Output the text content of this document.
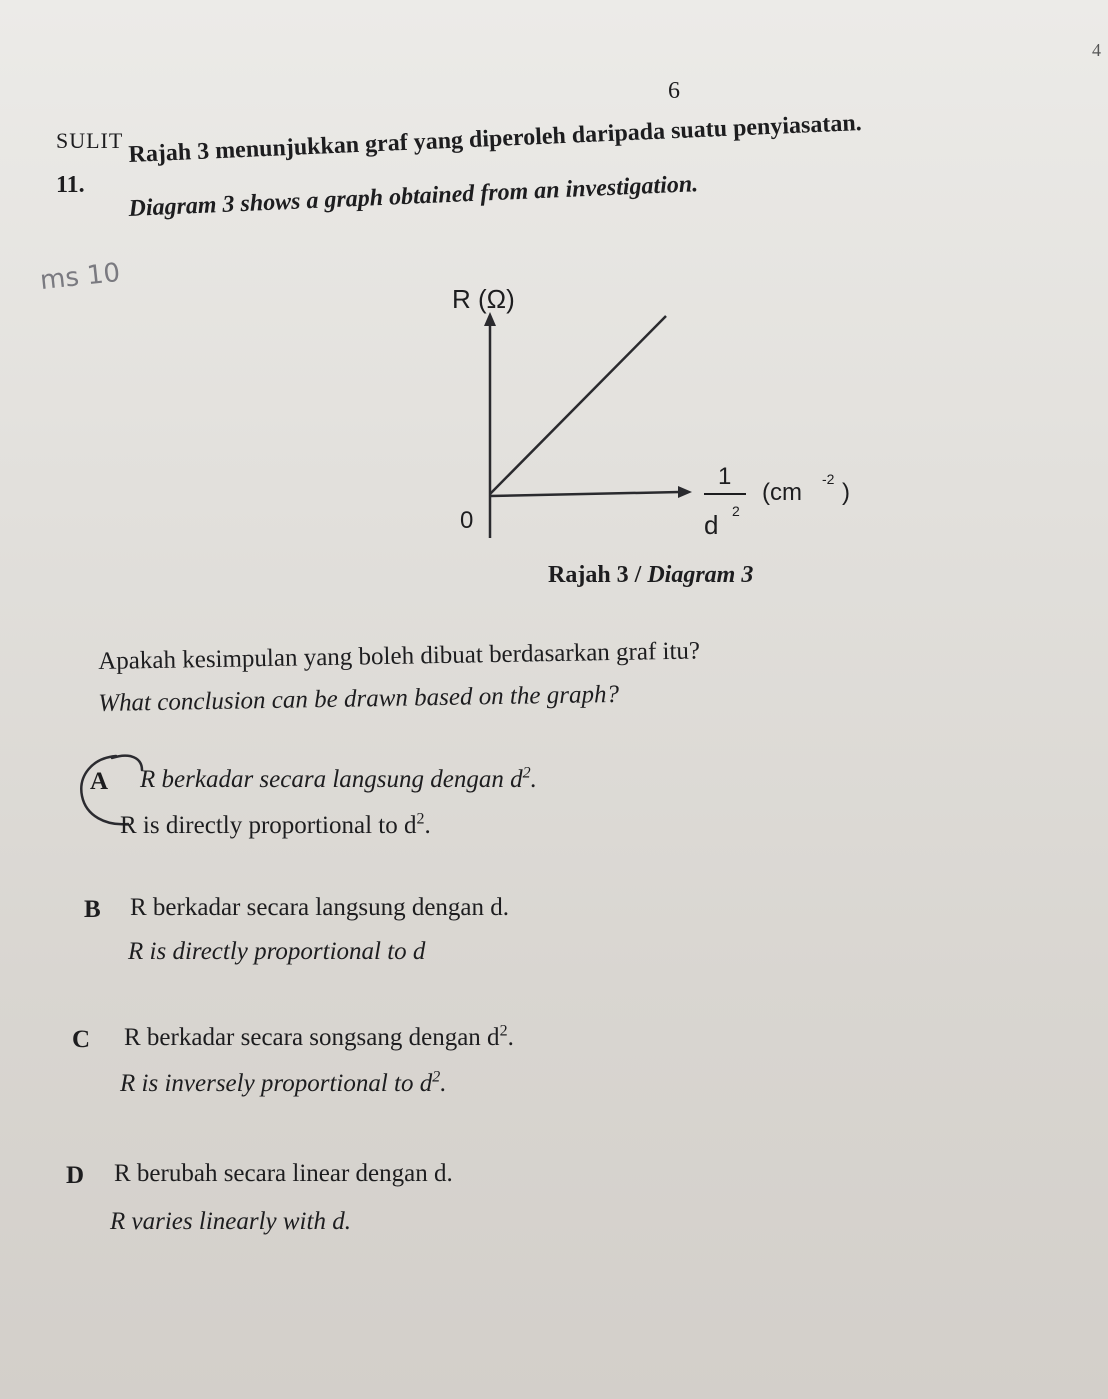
4
6
SULIT
11.
Rajah 3 menunjukkan graf yang diperoleh daripada suatu penyiasatan.
Diagram 3 shows a graph obtained from an investigation.
ms 10
R (Ω)
0
1
d 2
(cm -2 )
Rajah 3 / Diagram 3
Apakah kesimpulan yang boleh dibuat berdasarkan graf itu?
What conclusion can be drawn based on the graph?
A R berkadar secara langsung dengan $d^2$.
R is directly proportional to $d^2$.
B R berkadar secara langsung dengan d.
R is directly proportional to d
C R berkadar secara songsang dengan $d^2$.
R is inversely proportional to $d^2$.
D R berubah secara linear dengan d.
R varies linearly with d.
